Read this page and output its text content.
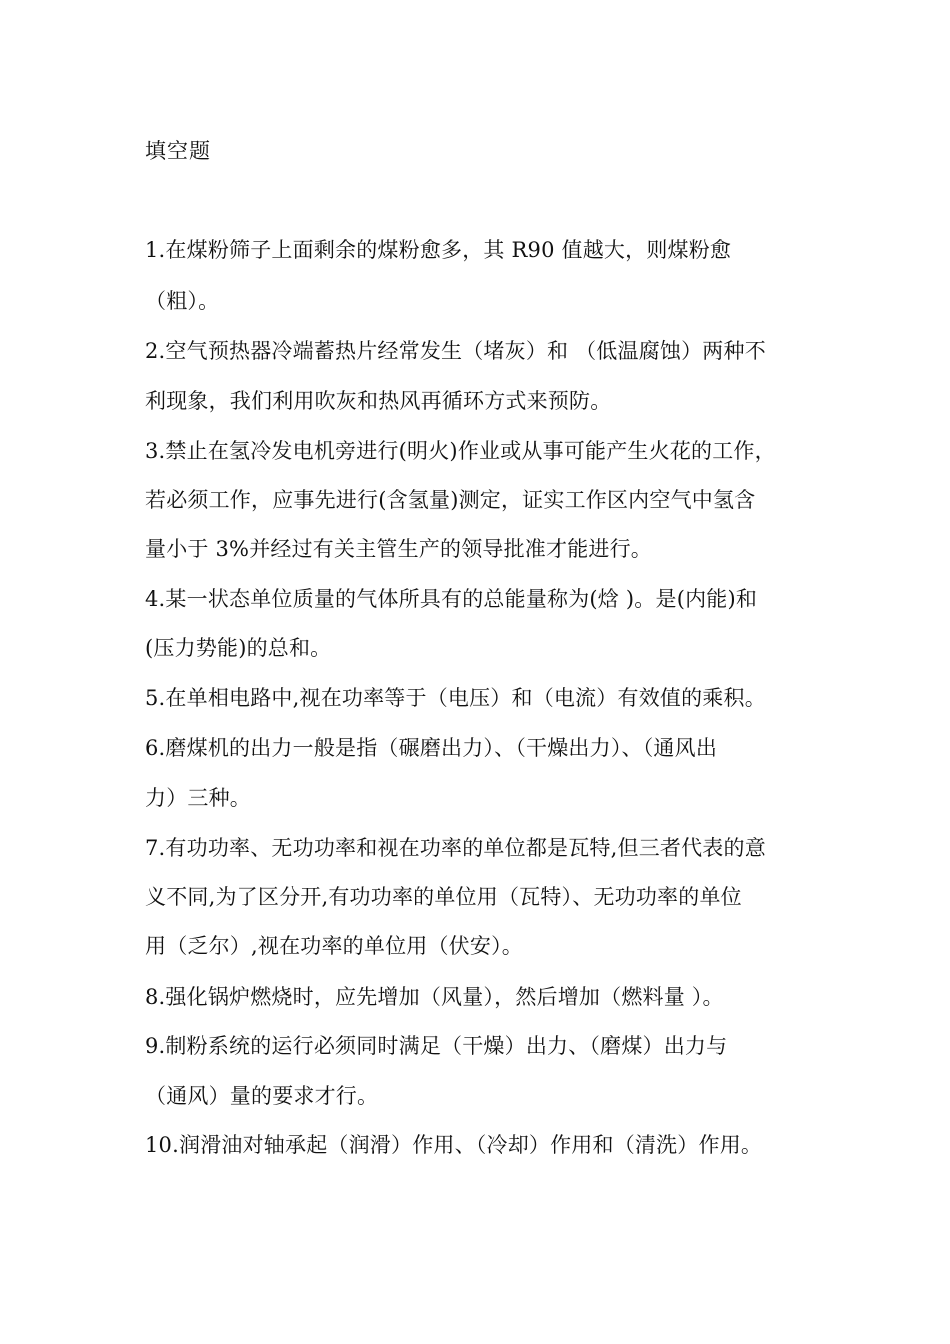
填空题
1.在煤粉筛子上面剩余的煤粉愈多，其 R90 值越大，则煤粉愈
（粗）。
2.空气预热器冷端蓄热片经常发生（堵灰）和 （低温腐蚀）两种不
利现象，我们利用吹灰和热风再循环方式来预防。
3.禁止在氢冷发电机旁进行(明火)作业或从事可能产生火花的工作，
若必须工作，应事先进行(含氢量)测定，证实工作区内空气中氢含
量小于 3%并经过有关主管生产的领导批准才能进行。
4.某一状态单位质量的气体所具有的总能量称为(焓 )。是(内能)和
(压力势能)的总和。
5.在单相电路中,视在功率等于（电压）和（电流）有效值的乘积。
6.磨煤机的出力一般是指（碾磨出力）、（干燥出力）、（通风出
力）三种。
7.有功功率、无功功率和视在功率的单位都是瓦特,但三者代表的意
义不同,为了区分开,有功功率的单位用（瓦特）、无功功率的单位
用（乏尔）,视在功率的单位用（伏安）。
8.强化锅炉燃烧时，应先增加（风量），然后增加（燃料量 ）。
9.制粉系统的运行必须同时满足（干燥）出力、（磨煤）出力与
（通风）量的要求才行。
10.润滑油对轴承起（润滑）作用、（冷却）作用和（清洗）作用。
